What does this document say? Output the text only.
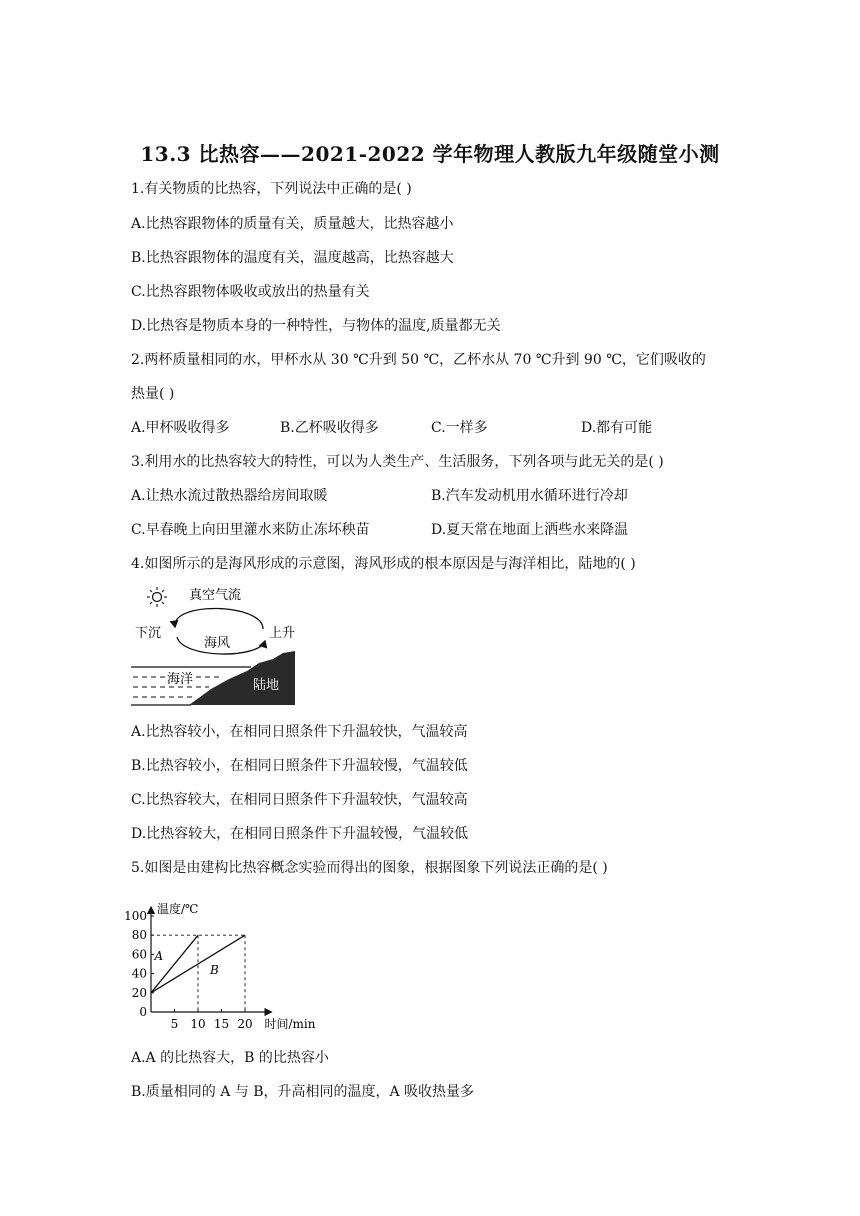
13.3 比热容——2021-2022 学年物理人教版九年级随堂小测
1.有关物质的比热容，下列说法中正确的是( )
A.比热容跟物体的质量有关，质量越大，比热容越小
B.比热容跟物体的温度有关，温度越高，比热容越大
C.比热容跟物体吸收或放出的热量有关
D.比热容是物质本身的一种特性，与物体的温度,质量都无关
2.两杯质量相同的水，甲杯水从 30 ℃升到 50 ℃，乙杯水从 70 ℃升到 90 ℃，它们吸收的
热量( )
A.甲杯吸收得多	B.乙杯吸收得多	C.一样多	D.都有可能
3.利用水的比热容较大的特性，可以为人类生产、生活服务，下列各项与此无关的是( )
A.让热水流过散热器给房间取暖	B.汽车发动机用水循环进行冷却
C.早春晚上向田里灌水来防止冻坏秧苗	D.夏天常在地面上洒些水来降温
4.如图所示的是海风形成的示意图，海风形成的根本原因是与海洋相比，陆地的( )
真空气流
下沉	上升
海风
海洋	陆地
A.比热容较小，在相同日照条件下升温较快，气温较高
B.比热容较小，在相同日照条件下升温较慢，气温较低
C.比热容较大，在相同日照条件下升温较快，气温较高
D.比热容较大，在相同日照条件下升温较慢，气温较低
5.如图是由建构比热容概念实验而得出的图象，根据图象下列说法正确的是( )
0
20
40
60
80
100
5 10 15 20
温度/℃
时间/min
A
B
A.A 的比热容大，B 的比热容小
B.质量相同的 A 与 B，升高相同的温度，A 吸收热量多
